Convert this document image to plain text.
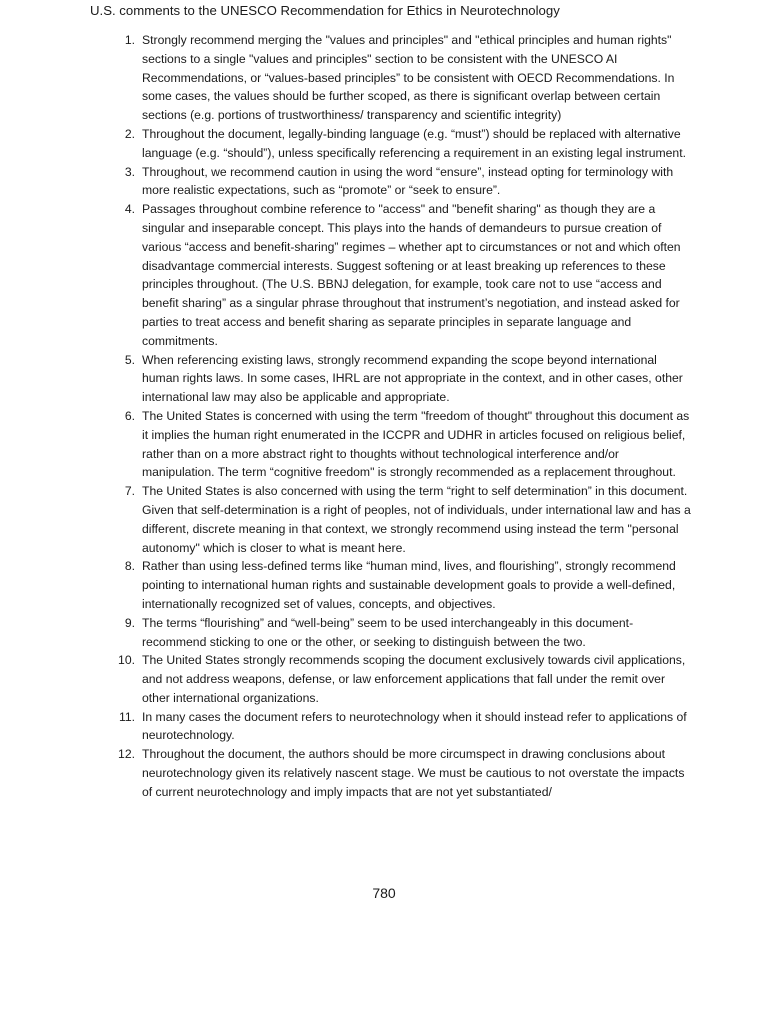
U.S. comments to the UNESCO Recommendation for Ethics in Neurotechnology
1. Strongly recommend merging the "values and principles" and "ethical principles and human rights" sections to a single "values and principles" section to be consistent with the UNESCO AI Recommendations, or “values-based principles” to be consistent with OECD Recommendations. In some cases, the values should be further scoped, as there is significant overlap between certain sections (e.g. portions of trustworthiness/ transparency and scientific integrity)
2. Throughout the document, legally-binding language (e.g. “must”) should be replaced with alternative language (e.g. “should”), unless specifically referencing a requirement in an existing legal instrument.
3. Throughout, we recommend caution in using the word “ensure”, instead opting for terminology with more realistic expectations, such as “promote” or “seek to ensure”.
4. Passages throughout combine reference to "access" and "benefit sharing" as though they are a singular and inseparable concept. This plays into the hands of demandeurs to pursue creation of various “access and benefit-sharing” regimes – whether apt to circumstances or not and which often disadvantage commercial interests. Suggest softening or at least breaking up references to these principles throughout. (The U.S. BBNJ delegation, for example, took care not to use “access and benefit sharing” as a singular phrase throughout that instrument’s negotiation, and instead asked for parties to treat access and benefit sharing as separate principles in separate language and commitments.
5. When referencing existing laws, strongly recommend expanding the scope beyond international human rights laws. In some cases, IHRL are not appropriate in the context, and in other cases, other international law may also be applicable and appropriate.
6. The United States is concerned with using the term "freedom of thought" throughout this document as it implies the human right enumerated in the ICCPR and UDHR in articles focused on religious belief, rather than on a more abstract right to thoughts without technological interference and/or manipulation. The term “cognitive freedom" is strongly recommended as a replacement throughout.
7. The United States is also concerned with using the term “right to self determination” in this document. Given that self-determination is a right of peoples, not of individuals, under international law and has a different, discrete meaning in that context, we strongly recommend using instead the term "personal autonomy" which is closer to what is meant here.
8. Rather than using less-defined terms like “human mind, lives, and flourishing”, strongly recommend pointing to international human rights and sustainable development goals to provide a well-defined, internationally recognized set of values, concepts, and objectives.
9. The terms “flourishing” and “well-being” seem to be used interchangeably in this document- recommend sticking to one or the other, or seeking to distinguish between the two.
10. The United States strongly recommends scoping the document exclusively towards civil applications, and not address weapons, defense, or law enforcement applications that fall under the remit over other international organizations.
11. In many cases the document refers to neurotechnology when it should instead refer to applications of neurotechnology.
12. Throughout the document, the authors should be more circumspect in drawing conclusions about neurotechnology given its relatively nascent stage. We must be cautious to not overstate the impacts of current neurotechnology and imply impacts that are not yet substantiated/
780
